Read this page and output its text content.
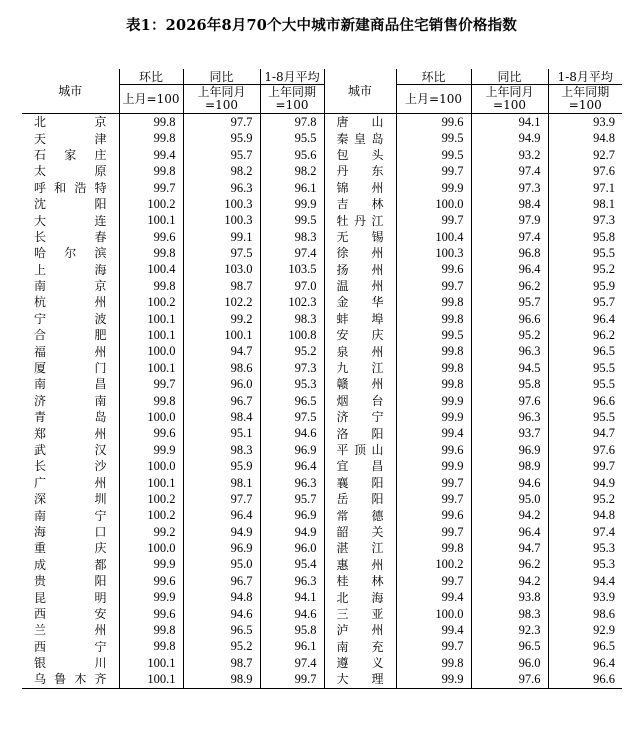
表1：2026年8月70个大中城市新建商品住宅销售价格指数
城市	环比	同比	1-8月平均	城市	环比	同比	1-8月平均
	上月=100	上年同月=100	上年同期=100		上月=100	上年同月=100	上年同期=100
北京	99.8	97.7	97.8	唐山	99.6	94.1	93.9
天津	99.8	95.9	95.5	秦皇岛	99.5	94.9	94.8
石家庄	99.4	95.7	95.6	包头	99.5	93.2	92.7
太原	99.8	98.2	98.2	丹东	99.7	97.4	97.6
呼和浩特	99.7	96.3	96.1	锦州	99.9	97.3	97.1
沈阳	100.2	100.3	99.9	吉林	100.0	98.4	98.1
大连	100.1	100.3	99.5	牡丹江	99.7	97.9	97.3
长春	99.6	99.1	98.3	无锡	100.4	97.4	95.8
哈尔滨	99.8	97.5	97.4	徐州	100.3	96.8	95.5
上海	100.4	103.0	103.5	扬州	99.6	96.4	95.2
南京	99.8	98.7	97.0	温州	99.7	96.2	95.9
杭州	100.2	102.2	102.3	金华	99.8	95.7	95.7
宁波	100.1	99.2	98.3	蚌埠	99.8	96.6	96.4
合肥	100.1	100.1	100.8	安庆	99.5	95.2	96.2
福州	100.0	94.7	95.2	泉州	99.8	96.3	96.5
厦门	100.1	98.6	97.3	九江	99.8	94.5	95.5
南昌	99.7	96.0	95.3	赣州	99.8	95.8	95.5
济南	99.8	96.7	96.5	烟台	99.9	97.6	96.6
青岛	100.0	98.4	97.5	济宁	99.9	96.3	95.5
郑州	99.6	95.1	94.6	洛阳	99.4	93.7	94.7
武汉	99.9	98.3	96.9	平顶山	99.6	96.9	97.6
长沙	100.0	95.9	96.4	宜昌	99.9	98.9	99.7
广州	100.1	98.1	96.3	襄阳	99.7	94.6	94.9
深圳	100.2	97.7	95.7	岳阳	99.7	95.0	95.2
南宁	100.2	96.4	96.9	常德	99.6	94.2	94.8
海口	99.2	94.9	94.9	韶关	99.7	96.4	97.4
重庆	100.0	96.9	96.0	湛江	99.8	94.7	95.3
成都	99.9	95.0	95.4	惠州	100.2	96.2	95.3
贵阳	99.6	96.7	96.3	桂林	99.7	94.2	94.4
昆明	99.9	94.8	94.1	北海	99.4	93.8	93.9
西安	99.6	94.6	94.6	三亚	100.0	98.3	98.6
兰州	99.8	96.5	95.8	泸州	99.4	92.3	92.9
西宁	99.8	95.2	96.1	南充	99.7	96.5	96.5
银川	100.1	98.7	97.4	遵义	99.8	96.0	96.4
乌鲁木齐	100.1	98.9	99.7	大理	99.9	97.6	96.6
